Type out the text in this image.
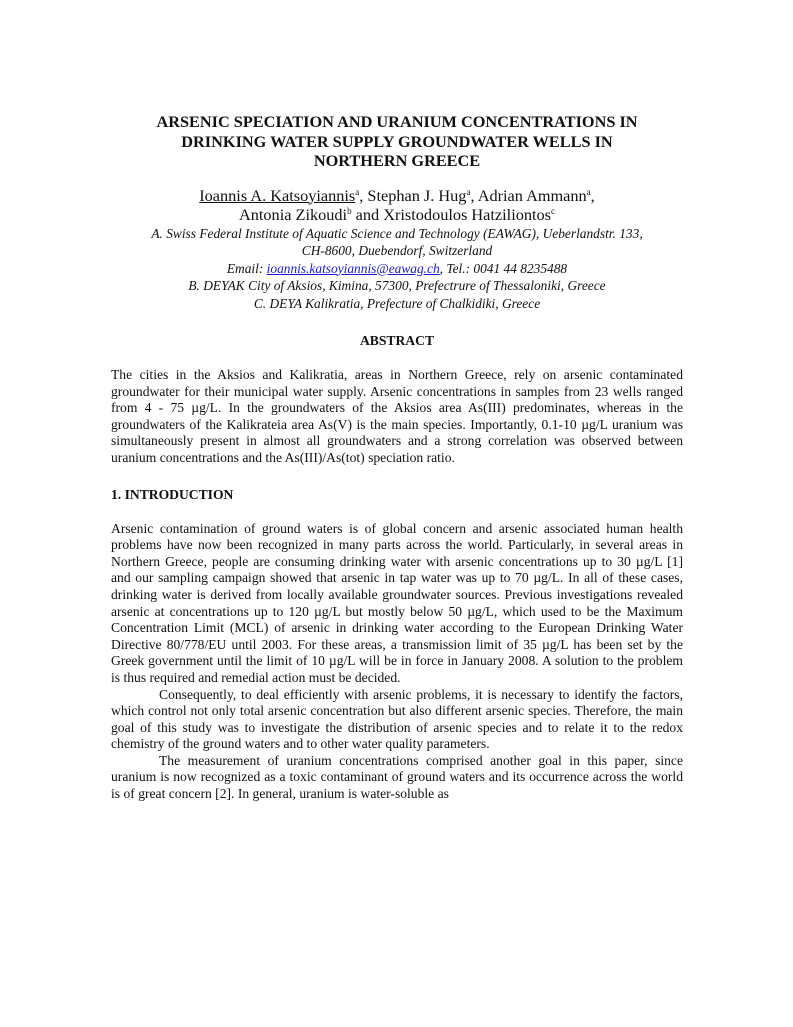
ARSENIC SPECIATION AND URANIUM CONCENTRATIONS IN
DRINKING WATER SUPPLY GROUNDWATER WELLS IN
NORTHERN GREECE
Ioannis A. Katsoyiannis$^a$, Stephan J. Hug$^a$, Adrian Ammann$^a$,
Antonia Zikoudi$^b$ and Xristodoulos Hatziliontos$^c$
A. Swiss Federal Institute of Aquatic Science and Technology (EAWAG), Ueberlandstr. 133,
CH-8600, Duebendorf, Switzerland
Email: ioannis.katsoyiannis@eawag.ch, Tel.: 0041 44 8235488
B. DEYAK City of Aksios, Kimina, 57300, Prefectrure of Thessaloniki, Greece
C. DEYA Kalikratia, Prefecture of Chalkidiki, Greece
ABSTRACT

The cities in the Aksios and Kalikratia, areas in Northern Greece, rely on arsenic contaminated groundwater for their municipal water supply. Arsenic concentrations in samples from 23 wells ranged from 4 - 75 µg/L. In the groundwaters of the Aksios area As(III) predominates, whereas in the groundwaters of the Kalikrateia area As(V) is the main species. Importantly, 0.1-10 µg/L uranium was simultaneously present in almost all groundwaters and a strong correlation was observed between uranium concentrations and the As(III)/As(tot) speciation ratio.

1. INTRODUCTION

Arsenic contamination of ground waters is of global concern and arsenic associated human health problems have now been recognized in many parts across the world. Particularly, in several areas in Northern Greece, people are consuming drinking water with arsenic concentrations up to 30 µg/L [1] and our sampling campaign showed that arsenic in tap water was up to 70 µg/L. In all of these cases, drinking water is derived from locally available groundwater sources. Previous investigations revealed arsenic at concentrations up to 120 µg/L but mostly below 50 µg/L, which used to be the Maximum Concentration Limit (MCL) of arsenic in drinking water according to the European Drinking Water Directive 80/778/EU until 2003. For these areas, a transmission limit of 35 µg/L has been set by the Greek government until the limit of 10 µg/L will be in force in January 2008. A solution to the problem is thus required and remedial action must be decided.

Consequently, to deal efficiently with arsenic problems, it is necessary to identify the factors, which control not only total arsenic concentration but also different arsenic species. Therefore, the main goal of this study was to investigate the distribution of arsenic species and to relate it to the redox chemistry of the ground waters and to other water quality parameters.

The measurement of uranium concentrations comprised another goal in this paper, since uranium is now recognized as a toxic contaminant of ground waters and its occurrence across the world is of great concern [2]. In general, uranium is water-soluble as
